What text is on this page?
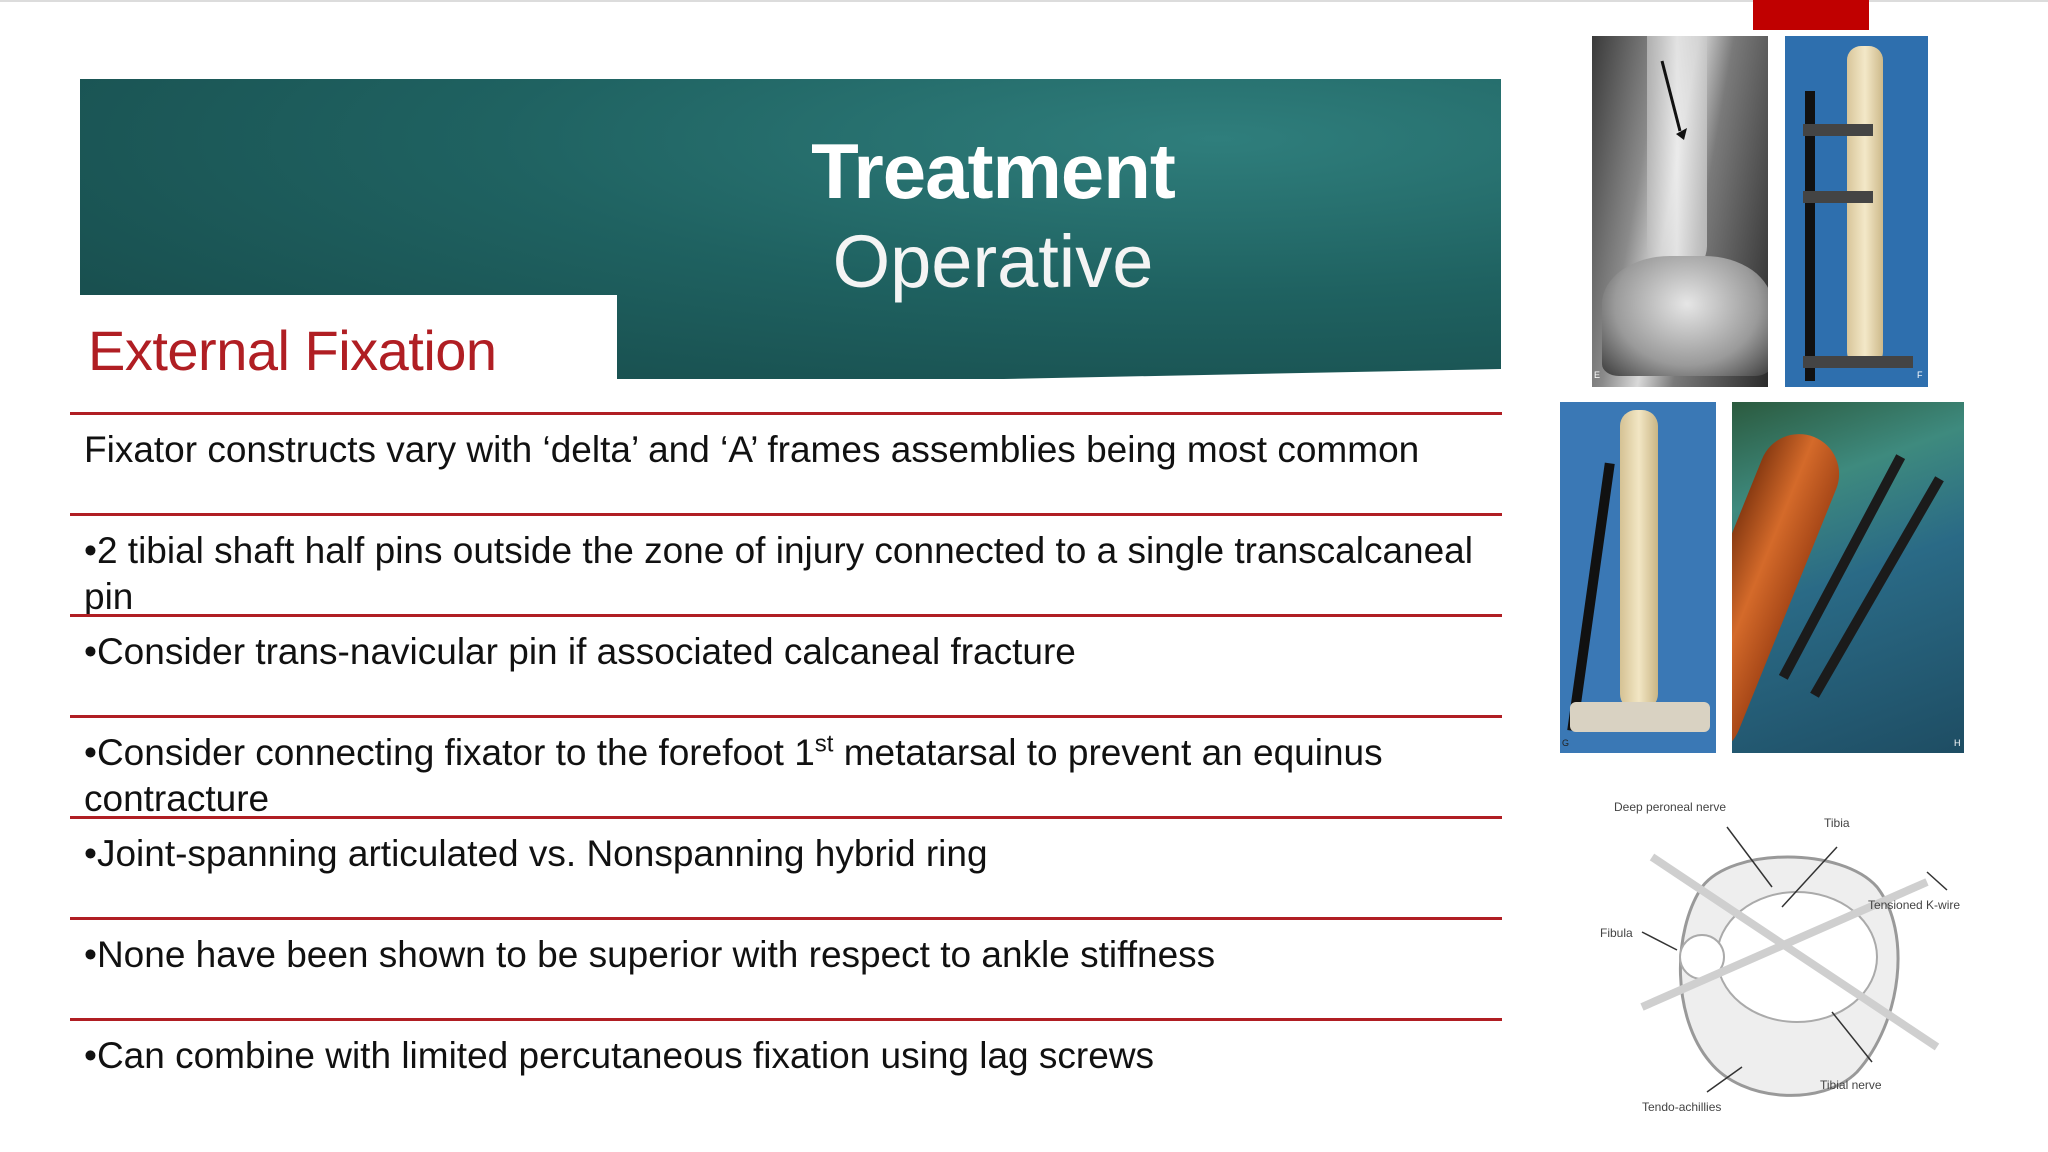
Treatment
Operative
External Fixation
Fixator constructs vary with ‘delta’ and ‘A’ frames assemblies being most common
•2 tibial shaft half pins outside the zone of injury connected to a single transcalcaneal pin
•Consider trans-navicular pin if associated calcaneal fracture
•Consider connecting fixator to the forefoot 1st metatarsal to prevent an equinus contracture
•Joint-spanning articulated vs. Nonspanning hybrid ring
•None have been shown to be superior with respect to ankle stiffness
•Can combine with limited percutaneous fixation using lag screws
E	F
G	H
Deep peroneal nerve
Tibia
Tensioned K-wire
Fibula
Tibial nerve
Tendo-achillies
